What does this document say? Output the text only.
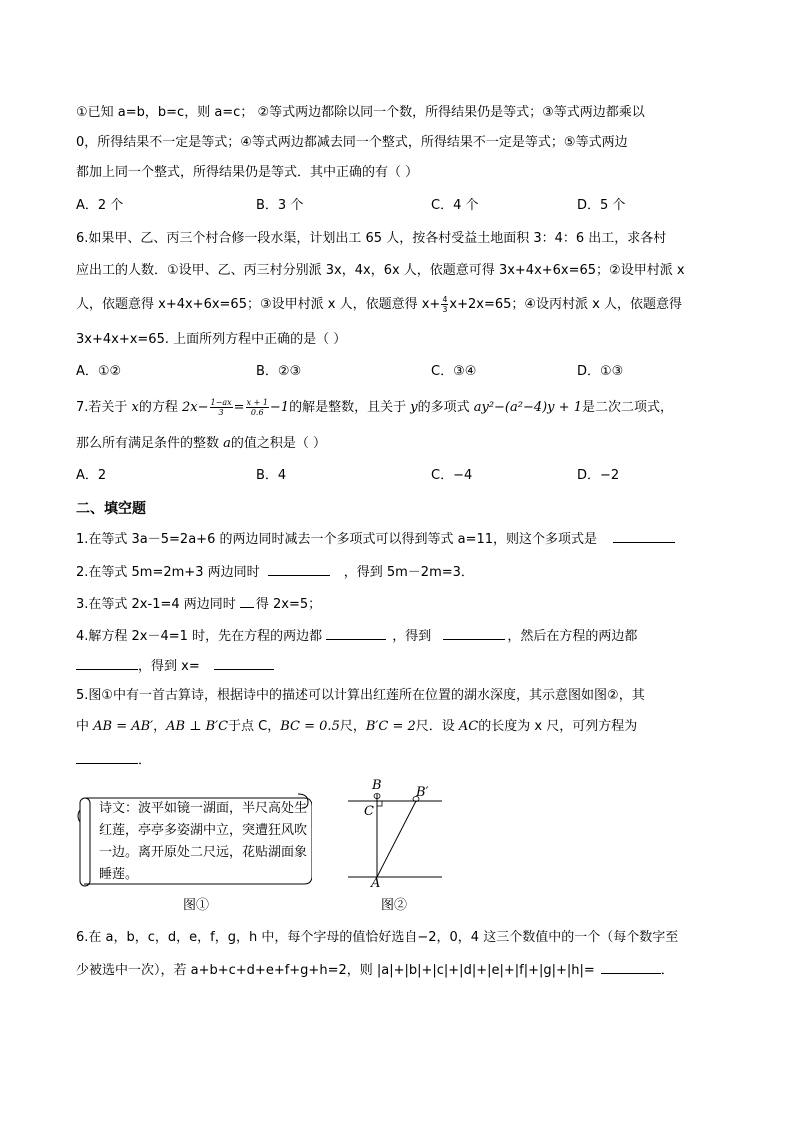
①已知 a=b，b=c，则 a=c； ②等式两边都除以同一个数，所得结果仍是等式；③等式两边都乘以
0，所得结果不一定是等式；④等式两边都减去同一个整式，所得结果不一定是等式；⑤等式两边
都加上同一个整式，所得结果仍是等式．其中正确的有（ ）
A．2 个	B．3 个	C．4 个	D．5 个
6.如果甲、乙、丙三个村合修一段水渠，计划出工 65 人，按各村受益土地面积 3：4：6 出工，求各村
应出工的人数．①设甲、乙、丙三村分别派 3x，4x，6x 人，依题意可得 3x+4x+6x=65；②设甲村派 x
人，依题意得 x+4x+6x=65；③设甲村派 x 人，依题意得 $x+ \frac{4}{3} x+2x=65$；④设丙村派 x 人，依题意得
3x+4x+x=65. 上面所列方程中正确的是（ ）
A．①②	B．②③	C．③④	D．①③
7.若关于 x的方程 $2x- \frac{1-ax}{3} = \frac{x + 1}{0.6} -1$的解是整数，且关于 y的多项式 ay²−(a²−4)y + 1是二次二项式，
那么所有满足条件的整数 a的值之积是（ ）
A．2	B．4	C．−4	D．−2
二、填空题
1.在等式 3a－5=2a+6 的两边同时减去一个多项式可以得到等式 a=11，则这个多项式是
2.在等式 5m=2m+3 两边同时	，得到 5m－2m=3．
3.在等式 2x-1=4 两边同时 得 2x=5；
4.解方程 2x－4=1 时，先在方程的两边都	，得到	，然后在方程的两边都
，得到 x=
5.图①中有一首古算诗，根据诗中的描述可以计算出红莲所在位置的湖水深度，其示意图如图②，其
中 AB = AB′，AB ⊥ B′C于点 C，BC = 0.5尺，B′C = 2尺．设 AC的长度为 x 尺，可列方程为
．
诗文：波平如镜一湖面，半尺高处生红莲，亭亭多姿湖中立，突遭狂风吹一边。离开原处二尺远，花贴湖面象睡莲。
图①
B	B′
C
A
图②
6.在 a，b，c，d，e，f，g，h 中，每个字母的值恰好选自−2，0，4 这三个数值中的一个（每个数字至
少被选中一次），若 a+b+c+d+e+f+g+h=2，则 |a|+|b|+|c|+|d|+|e|+|f|+|g|+|h|=	．
